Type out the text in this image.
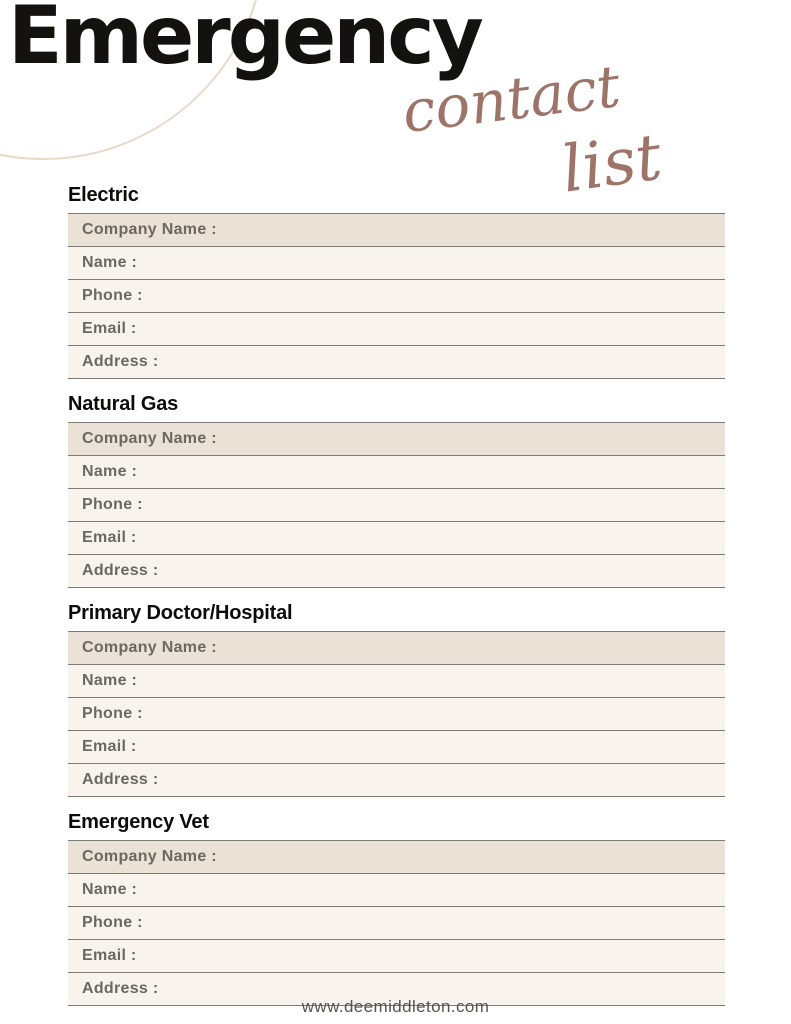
Emergency
contact
list
Electric
Company Name :
Name :
Phone :
Email :
Address :
Natural Gas
Company Name :
Name :
Phone :
Email :
Address :
Primary Doctor/Hospital
Company Name :
Name :
Phone :
Email :
Address :
Emergency Vet
Company Name :
Name :
Phone :
Email :
Address :
www.deemiddleton.com
